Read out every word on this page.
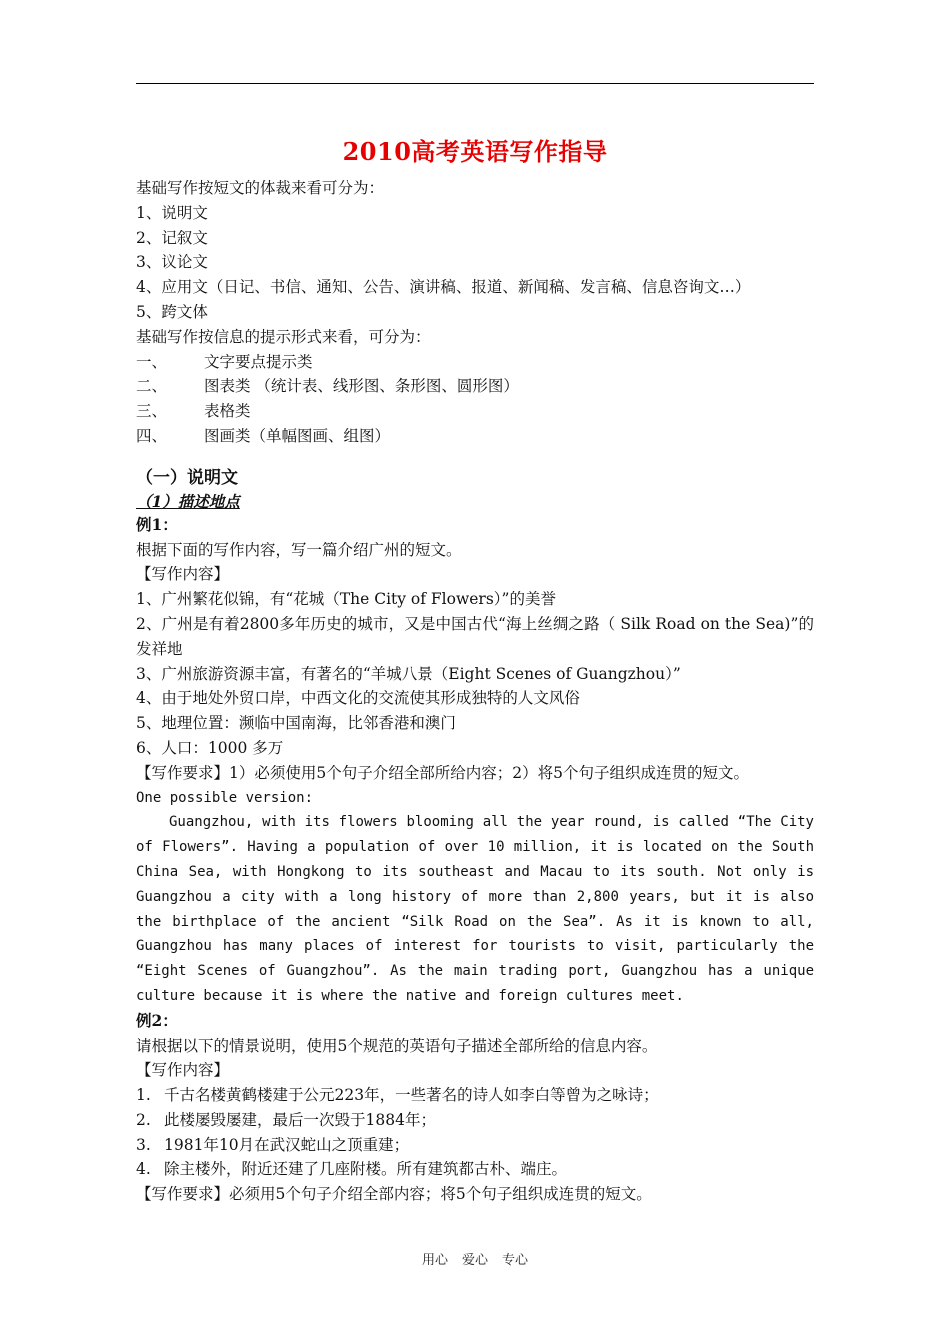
2010高考英语写作指导
基础写作按短文的体裁来看可分为：
1、说明文
2、记叙文
3、议论文
4、应用文（日记、书信、通知、公告、演讲稿、报道、新闻稿、发言稿、信息咨询文…）
5、跨文体
基础写作按信息的提示形式来看，可分为：
一、	文字要点提示类
二、	图表类 （统计表、线形图、条形图、圆形图）
三、	表格类
四、	图画类（单幅图画、组图）
（一）说明文
（1）描述地点
例1：
根据下面的写作内容，写一篇介绍广州的短文。
【写作内容】
1、广州繁花似锦，有“花城（The City of Flowers）”的美誉
2、广州是有着2800多年历史的城市，又是中国古代“海上丝绸之路（ Silk Road on the Sea)”的发祥地
3、广州旅游资源丰富，有著名的“羊城八景（Eight Scenes of Guangzhou）”
4、由于地处外贸口岸，中西文化的交流使其形成独特的人文风俗
5、地理位置：濒临中国南海，比邻香港和澳门
6、人口：1000 多万
【写作要求】1）必须使用5个句子介绍全部所给内容；2）将5个句子组织成连贯的短文。
One possible version:
Guangzhou, with its flowers blooming all the year round, is called “The City of Flowers”. Having a population of over 10 million, it is located on the South China Sea, with Hongkong to its southeast and Macau to its south. Not only is Guangzhou a city with a long history of more than 2,800 years, but it is also the birthplace of the ancient “Silk Road on the Sea”. As it is known to all, Guangzhou has many places of interest for tourists to visit, particularly the “Eight Scenes of Guangzhou”. As the main trading port, Guangzhou has a unique culture because it is where the native and foreign cultures meet.
例2：
请根据以下的情景说明，使用5个规范的英语句子描述全部所给的信息内容。
【写作内容】
1. 千古名楼黄鹤楼建于公元223年，一些著名的诗人如李白等曾为之咏诗；
2. 此楼屡毁屡建，最后一次毁于1884年；
3. 1981年10月在武汉蛇山之顶重建；
4. 除主楼外，附近还建了几座附楼。所有建筑都古朴、端庄。
【写作要求】必须用5个句子介绍全部内容；将5个句子组织成连贯的短文。
用心 爱心 专心
